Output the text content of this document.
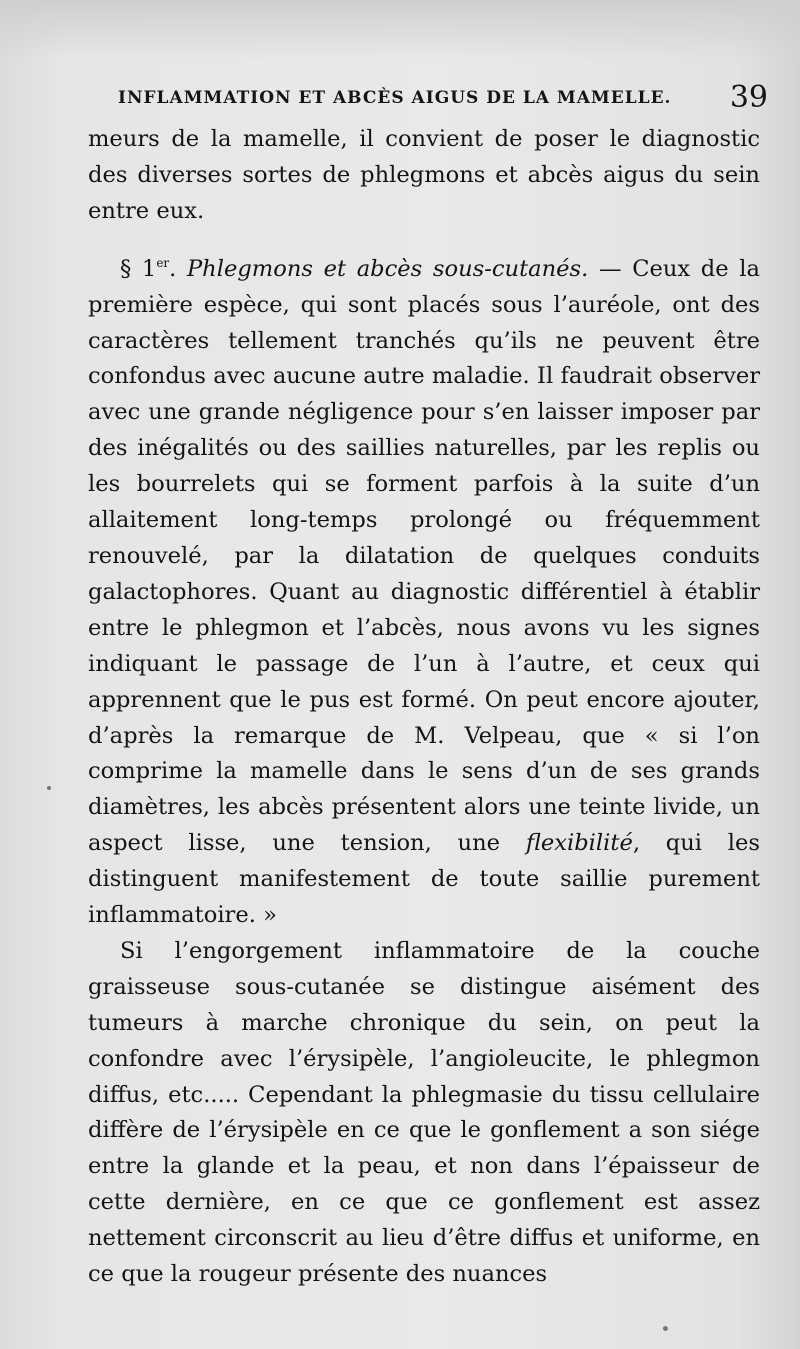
INFLAMMATION ET ABCÈS AIGUS DE LA MAMELLE. 39

meurs de la mamelle, il convient de poser le diagnostic des diverses sortes de phlegmons et abcès aigus du sein entre eux.

§ 1er. Phlegmons et abcès sous-cutanés. — Ceux de la première espèce, qui sont placés sous l’auréole, ont des caractères tellement tranchés qu’ils ne peuvent être confondus avec aucune autre maladie. Il faudrait observer avec une grande négligence pour s’en laisser imposer par des inégalités ou des saillies naturelles, par les replis ou les bourrelets qui se forment parfois à la suite d’un allaitement long-temps prolongé ou fréquemment renouvelé, par la dilatation de quelques conduits galactophores. Quant au diagnostic différentiel à établir entre le phlegmon et l’abcès, nous avons vu les signes indiquant le passage de l’un à l’autre, et ceux qui apprennent que le pus est formé. On peut encore ajouter, d’après la remarque de M. Velpeau, que « si l’on comprime la mamelle dans le sens d’un de ses grands diamètres, les abcès présentent alors une teinte livide, un aspect lisse, une tension, une flexibilité, qui les distinguent manifestement de toute saillie purement inflammatoire. »

Si l’engorgement inflammatoire de la couche graisseuse sous-cutanée se distingue aisément des tumeurs à marche chronique du sein, on peut la confondre avec l’érysipèle, l’angioleucite, le phlegmon diffus, etc..... Cependant la phlegmasie du tissu cellulaire diffère de l’érysipèle en ce que le gonflement a son siége entre la glande et la peau, et non dans l’épaisseur de cette dernière, en ce que ce gonflement est assez nettement circonscrit au lieu d’être diffus et uniforme, en ce que la rougeur présente des nuances
